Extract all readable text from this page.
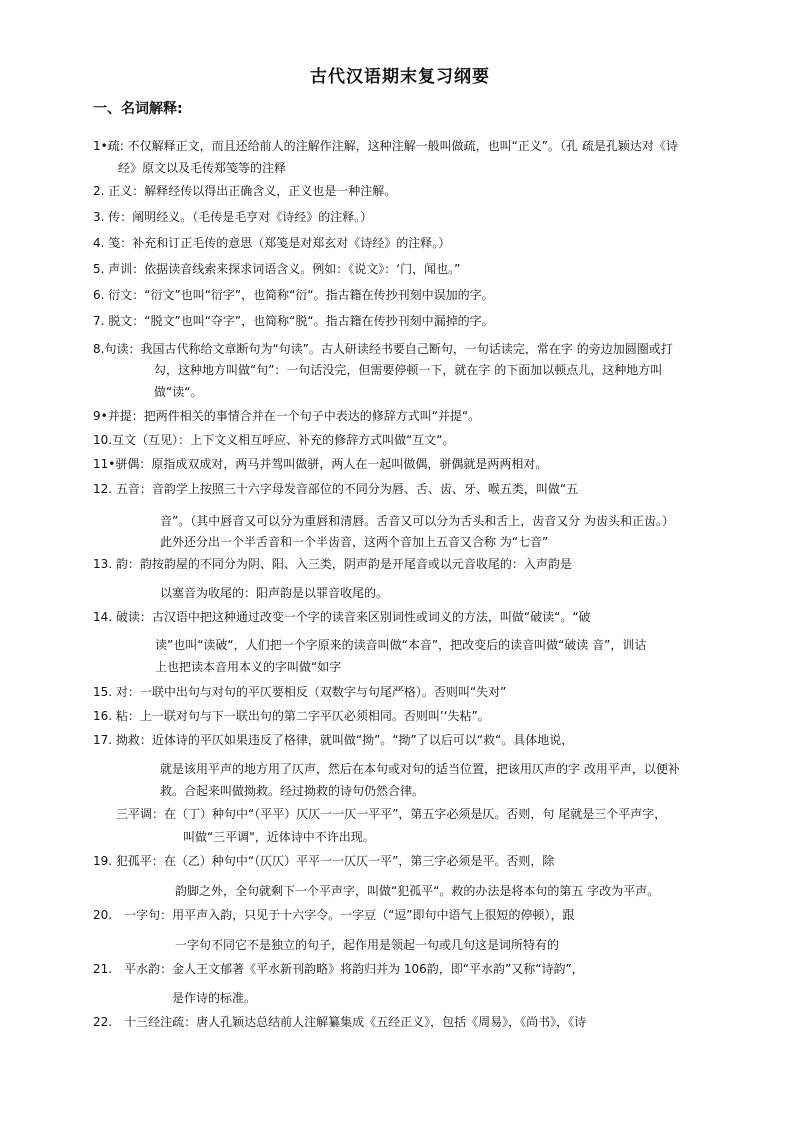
古代汉语期末复习纲要
一、名词解释:
1•疏: 不仅解释正文，而且还给前人的注解作注解，这种注解一般叫做疏，也叫“正义”。（孔 疏是孔颖达对《诗
经》原文以及毛传郑笺等的注释
2. 正义：解释经传以得出正确含义，正义也是一种注解。
3. 传：阐明经义。（毛传是毛亨对《诗经》的注释。）
4. 笺：补充和订正毛传的意思（郑笺是对郑玄对《诗经》的注释。）
5. 声训：依据读音线索来探求词语含义。例如：《说文》：‘门，闻也。”
6. 衍文：“衍文”也叫“衍字”，也简称“衍“。指古籍在传抄刊刻中误加的字。
7. 脱文：“脱文”也叫“夺字”，也简称“脱“。指古籍在传抄刊刻中漏掉的字。
8.句读：我国古代称给文章断句为“句读”。古人研读经书要自己断句，一句话读完，常在字 的旁边加圆圈或打
勾，这种地方叫做“句”：一句话没完，但需要停顿一下，就在字 的下面加以顿点儿，这种地方叫
做“读“。
9•并提：把两件相关的事情合并在一个句子中表达的修辞方式叫“并提“。
10.互文（互见）：上下文义相互呼应、补充的修辞方式叫做“互文“。
11•骈偶：原指成双成对，两马并驾叫做骈，两人在一起叫做偶，骈偶就是两两相对。
12. 五音：音韵学上按照三十六字母发音部位的不同分为唇、舌、齿、牙、喉五类，叫做“五
音”。（其中唇音又可以分为重唇和清唇。舌音又可以分为舌头和舌上，齿音又分 为齿头和正齿。）
此外还分出一个半舌音和一个半齿音，这两个音加上五音又合称 为“七音”
13. 韵：韵按韵屋的不同分为阴、阳、入三类，阴声韵是开尾音或以元音收尾的：入声韵是
以塞音为收尾的：阳声韵是以罪音收尾的。
14. 破读：古汉语中把这种通过改变一个字的读音来区别词性或词义的方法，叫做“破读“。“破
读”也叫“读破“，人们把一个字原来的读音叫做“本音”，把改变后的读音叫做“破读 音”，训诂
上也把读本音用本义的字叫做“如字
15. 对：一联中出句与对句的平仄要相反（双数字与句尾严格）。否则叫“失对”
16. 粘：上一联对句与下一联出句的第二字平仄必须相同。否则叫’‘失粘”。
17. 拗救：近体诗的平仄如果违反了格律，就叫做“拗”。“拗”了以后可以“救“。具体地说，
就是该用平声的地方用了仄声，然后在本句或对句的适当位置，把该用仄声的字 改用平声，以便补
救。合起来叫做拗救。经过拗救的诗句仍然合律。
三平调：在（丁）种句中“（平平）仄仄一一仄一平平”，第五字必须是仄。否则，句 尾就是三个平声字，
叫做“三平调"，近体诗中不许出现。
19. 犯孤平：在（乙）种句中“（仄仄）平平一一仄仄一平”，第三字必须是平。否则，除
韵脚之外，全句就剩下一个平声字，叫做“犯孤平“。救的办法是将本句的第五 字改为平声。
20.　一字句：用平声入韵，只见于十六字令。一字豆（“逗”即句中语气上很短的停顿），跟
一字句不同它不是独立的句子，起作用是领起一句或几句这是词所特有的
21.　平水韵：金人王文郁著《平水新刊韵略》将韵归并为 106韵，即“平水韵”又称“诗韵”，
是作诗的标准。
22.　十三经注疏：唐人孔颖达总结前人注解纂集成《五经正义》，包括《周易》，《尚书》，《诗
